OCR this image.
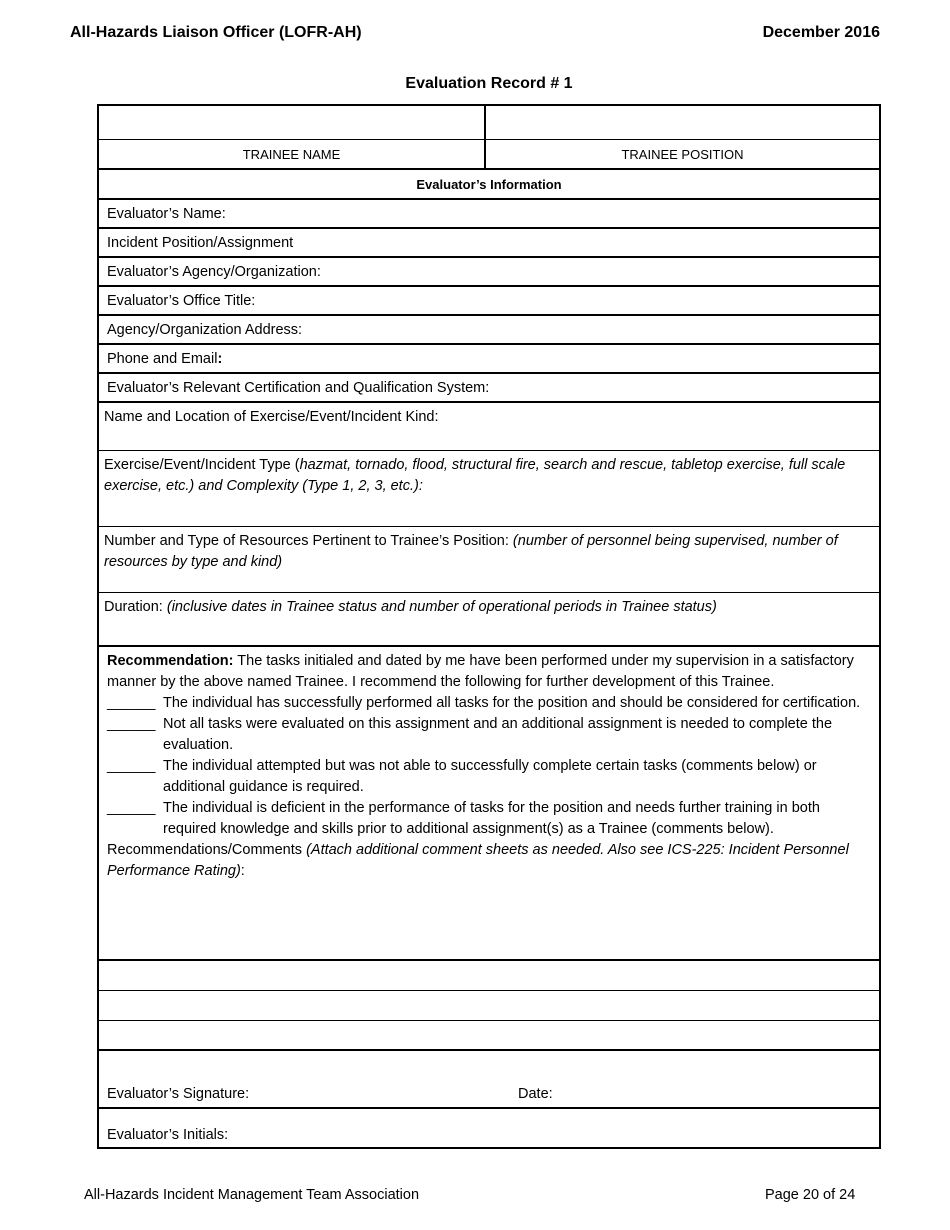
All-Hazards Liaison Officer (LOFR-AH)	December 2016
Evaluation Record # 1
TRAINEE NAME	TRAINEE POSITION
Evaluator’s Information
Evaluator’s Name:
Incident Position/Assignment
Evaluator’s Agency/Organization:
Evaluator’s Office Title:
Agency/Organization Address:
Phone and Email:
Evaluator’s Relevant Certification and Qualification System:
Name and Location of Exercise/Event/Incident Kind:
Exercise/Event/Incident Type (hazmat, tornado, flood, structural fire, search and rescue, tabletop exercise, full scale exercise, etc.) and Complexity (Type 1, 2, 3, etc.):
Number and Type of Resources Pertinent to Trainee’s Position: (number of personnel being supervised, number of resources by type and kind)
Duration: (inclusive dates in Trainee status and number of operational periods in Trainee status)
Recommendation: The tasks initialed and dated by me have been performed under my supervision in a satisfactory manner by the above named Trainee. I recommend the following for further development of this Trainee.
______ The individual has successfully performed all tasks for the position and should be considered for certification.
______ Not all tasks were evaluated on this assignment and an additional assignment is needed to complete the evaluation.
______ The individual attempted but was not able to successfully complete certain tasks (comments below) or additional guidance is required.
______ The individual is deficient in the performance of tasks for the position and needs further training in both required knowledge and skills prior to additional assignment(s) as a Trainee (comments below).
Recommendations/Comments (Attach additional comment sheets as needed. Also see ICS-225: Incident Personnel Performance Rating):
Evaluator’s Signature:	Date:
Evaluator’s Initials:
All-Hazards Incident Management Team Association	Page 20 of 24
